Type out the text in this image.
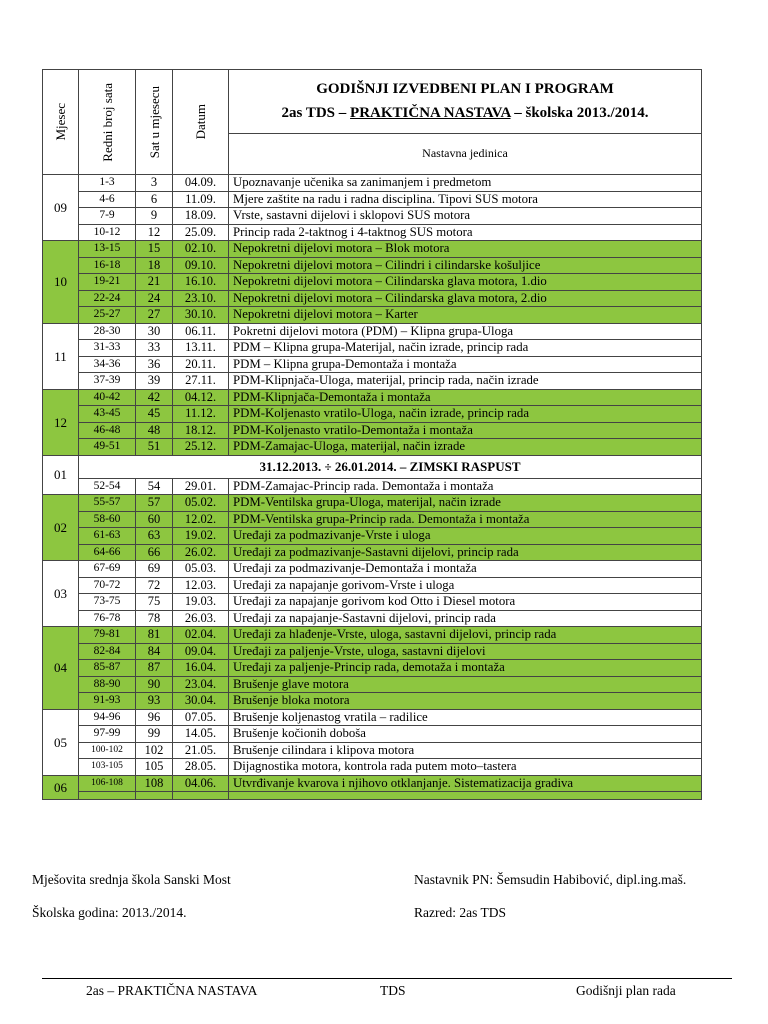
Mjesec	Redni broj sata	Sat u mjesecu	Datum	GODIŠNJI IZVEDBENI PLAN I PROGRAM
2as TDS – PRAKTIČNA NASTAVA – školska 2013./2014.

				Nastavna jedinica
09	1-3	3	04.09.	Upoznavanje učenika sa zanimanjem i predmetom
	4-6	6	11.09.	Mjere zaštite na radu i radna disciplina. Tipovi SUS motora
	7-9	9	18.09.	Vrste, sastavni dijelovi i sklopovi SUS motora
	10-12	12	25.09.	Princip rada 2-taktnog i 4-taktnog SUS motora
10	13-15	15	02.10.	Nepokretni dijelovi motora – Blok motora
	16-18	18	09.10.	Nepokretni dijelovi motora – Cilindri i cilindarske košuljice
	19-21	21	16.10.	Nepokretni dijelovi motora – Cilindarska glava motora, 1.dio
	22-24	24	23.10.	Nepokretni dijelovi motora – Cilindarska glava motora, 2.dio
	25-27	27	30.10.	Nepokretni dijelovi motora – Karter
11	28-30	30	06.11.	Pokretni dijelovi motora (PDM) – Klipna grupa-Uloga
	31-33	33	13.11.	PDM – Klipna grupa-Materijal, način izrade, princip rada
	34-36	36	20.11.	PDM – Klipna grupa-Demontaža i montaža
	37-39	39	27.11.	PDM-Klipnjača-Uloga, materijal, princip rada, način izrade
12	40-42	42	04.12.	PDM-Klipnjača-Demontaža i montaža
	43-45	45	11.12.	PDM-Koljenasto vratilo-Uloga, način izrade, princip rada
	46-48	48	18.12.	PDM-Koljenasto vratilo-Demontaža i montaža
	49-51	51	25.12.	PDM-Zamajac-Uloga, materijal, način izrade
01	31.12.2013. ÷ 26.01.2014. – ZIMSKI RASPUST			
	52-54	54	29.01.	PDM-Zamajac-Princip rada. Demontaža i montaža
02	55-57	57	05.02.	PDM-Ventilska grupa-Uloga, materijal, način izrade
	58-60	60	12.02.	PDM-Ventilska grupa-Princip rada. Demontaža i montaža
	61-63	63	19.02.	Uređaji za podmazivanje-Vrste i uloga
	64-66	66	26.02.	Uređaji za podmazivanje-Sastavni dijelovi, princip rada
03	67-69	69	05.03.	Uređaji za podmazivanje-Demontaža i montaža
	70-72	72	12.03.	Uređaji za napajanje gorivom-Vrste i uloga
	73-75	75	19.03.	Uređaji za napajanje gorivom kod Otto i Diesel motora
	76-78	78	26.03.	Uređaji za napajanje-Sastavni dijelovi, princip rada
04	79-81	81	02.04.	Uređaji za hlađenje-Vrste, uloga, sastavni dijelovi, princip rada
	82-84	84	09.04.	Uređaji za paljenje-Vrste, uloga, sastavni dijelovi
	85-87	87	16.04.	Uređaji za paljenje-Princip rada, demotaža i montaža
	88-90	90	23.04.	Brušenje glave motora
	91-93	93	30.04.	Brušenje bloka motora
05	94-96	96	07.05.	Brušenje koljenastog vratila – radilice
	97-99	99	14.05.	Brušenje kočionih doboša
	100-102	102	21.05.	Brušenje cilindara i klipova motora
	103-105	105	28.05.	Dijagnostika motora, kontrola rada putem moto–tastera
06	106-108	108	04.06.	Utvrđivanje kvarova i njihovo otklanjanje. Sistematizacija gradiva

Mješovita srednja škola Sanski Most	Nastavnik PN: Šemsudin Habibović, dipl.ing.maš.
Školska godina: 2013./2014.	Razred: 2as TDS
2as – PRAKTIČNA NASTAVA	TDS	Godišnji plan rada
